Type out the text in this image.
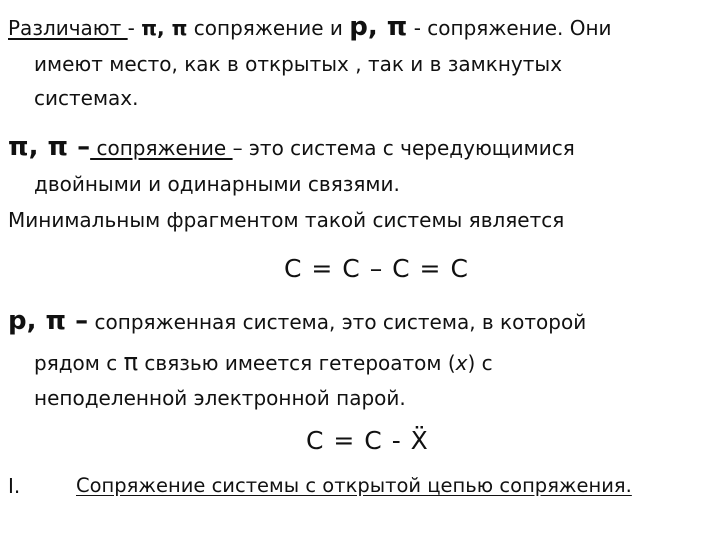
Различают - π, π сопряжение и р, π - сопряжение. Они
имеют место, как в открытых , так и в замкнутых
системах.
π, π – сопряжение – это система с чередующимися
двойными и одинарными связями.
Минимальным фрагментом такой системы является
С = С – С = С
р, π – сопряженная система, это система, в которой
рядом с π связью имеется гетероатом (х) с
неподеленной электронной парой.
С = С - Ẍ
I.	Сопряжение системы с открытой цепью сопряжения.
